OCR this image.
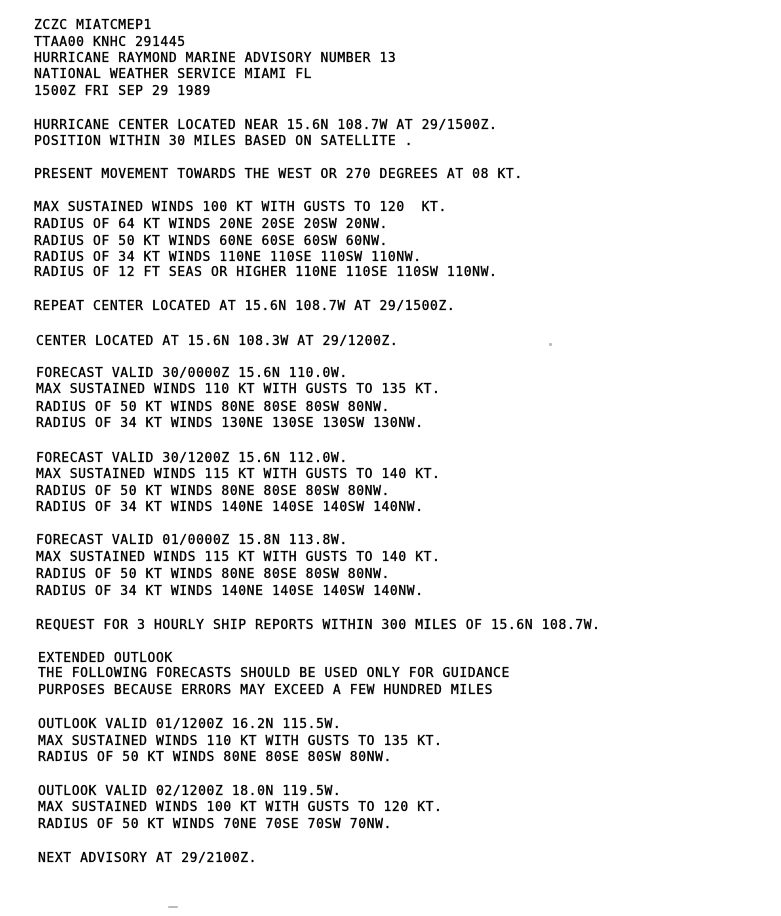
ZCZC MIATCMEP1

TTAA00 KNHC 291445

HURRICANE RAYMOND MARINE ADVISORY NUMBER 13

NATIONAL WEATHER SERVICE MIAMI FL

1500Z FRI SEP 29 1989

HURRICANE CENTER LOCATED NEAR 15.6N 108.7W AT 29/1500Z.

POSITION WITHIN 30 MILES BASED ON SATELLITE .

PRESENT MOVEMENT TOWARDS THE WEST OR 270 DEGREES AT 08 KT.

MAX SUSTAINED WINDS 100 KT WITH GUSTS TO 120  KT.

RADIUS OF 64 KT WINDS 20NE 20SE 20SW 20NW.

RADIUS OF 50 KT WINDS 60NE 60SE 60SW 60NW.

RADIUS OF 34 KT WINDS 110NE 110SE 110SW 110NW.

RADIUS OF 12 FT SEAS OR HIGHER 110NE 110SE 110SW 110NW.

REPEAT CENTER LOCATED AT 15.6N 108.7W AT 29/1500Z.

CENTER LOCATED AT 15.6N 108.3W AT 29/1200Z.

FORECAST VALID 30/0000Z 15.6N 110.0W.

MAX SUSTAINED WINDS 110 KT WITH GUSTS TO 135 KT.

RADIUS OF 50 KT WINDS 80NE 80SE 80SW 80NW.

RADIUS OF 34 KT WINDS 130NE 130SE 130SW 130NW.

FORECAST VALID 30/1200Z 15.6N 112.0W.

MAX SUSTAINED WINDS 115 KT WITH GUSTS TO 140 KT.

RADIUS OF 50 KT WINDS 80NE 80SE 80SW 80NW.

RADIUS OF 34 KT WINDS 140NE 140SE 140SW 140NW.

FORECAST VALID 01/0000Z 15.8N 113.8W.

MAX SUSTAINED WINDS 115 KT WITH GUSTS TO 140 KT.

RADIUS OF 50 KT WINDS 80NE 80SE 80SW 80NW.

RADIUS OF 34 KT WINDS 140NE 140SE 140SW 140NW.

REQUEST FOR 3 HOURLY SHIP REPORTS WITHIN 300 MILES OF 15.6N 108.7W.

EXTENDED OUTLOOK

THE FOLLOWING FORECASTS SHOULD BE USED ONLY FOR GUIDANCE

PURPOSES BECAUSE ERRORS MAY EXCEED A FEW HUNDRED MILES

OUTLOOK VALID 01/1200Z 16.2N 115.5W.

MAX SUSTAINED WINDS 110 KT WITH GUSTS TO 135 KT.

RADIUS OF 50 KT WINDS 80NE 80SE 80SW 80NW.

OUTLOOK VALID 02/1200Z 18.0N 119.5W.

MAX SUSTAINED WINDS 100 KT WITH GUSTS TO 120 KT.

RADIUS OF 50 KT WINDS 70NE 70SE 70SW 70NW.

NEXT ADVISORY AT 29/2100Z.
